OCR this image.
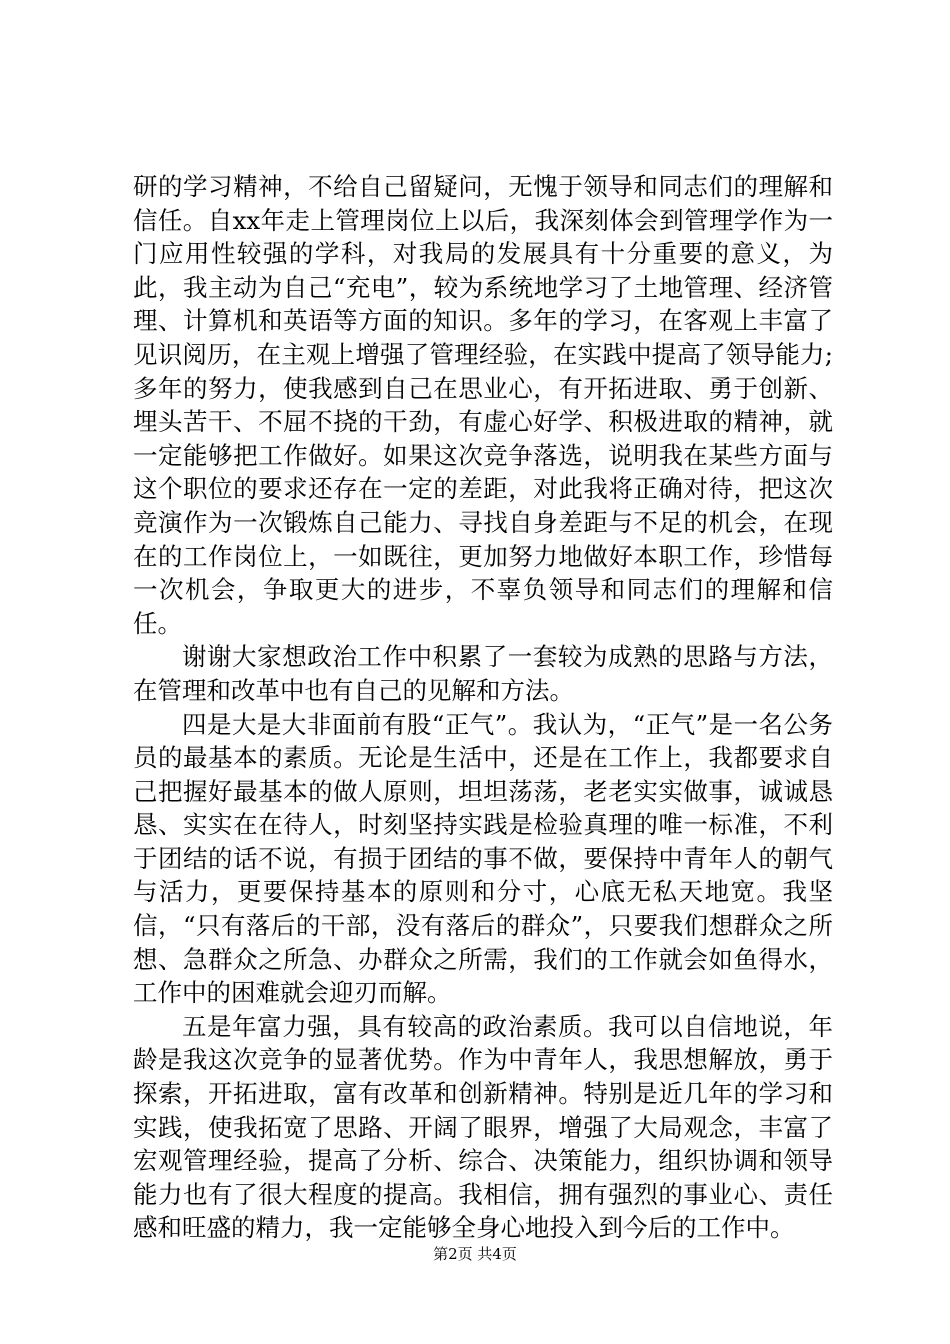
研的学习精神，不给自己留疑问，无愧于领导和同志们的理解和信任。自xx年走上管理岗位上以后，我深刻体会到管理学作为一门应用性较强的学科，对我局的发展具有十分重要的意义，为此，我主动为自己“充电”，较为系统地学习了土地管理、经济管理、计算机和英语等方面的知识。多年的学习，在客观上丰富了见识阅历，在主观上增强了管理经验，在实践中提高了领导能力;多年的努力，使我感到自己在思业心，有开拓进取、勇于创新、埋头苦干、不屈不挠的干劲，有虚心好学、积极进取的精神，就一定能够把工作做好。如果这次竞争落选，说明我在某些方面与这个职位的要求还存在一定的差距，对此我将正确对待，把这次竞演作为一次锻炼自己能力、寻找自身差距与不足的机会，在现在的工作岗位上，一如既往，更加努力地做好本职工作，珍惜每一次机会，争取更大的进步，不辜负领导和同志们的理解和信任。

谢谢大家想政治工作中积累了一套较为成熟的思路与方法，在管理和改革中也有自己的见解和方法。

四是大是大非面前有股“正气”。我认为，“正气”是一名公务员的最基本的素质。无论是生活中，还是在工作上，我都要求自己把握好最基本的做人原则，坦坦荡荡，老老实实做事，诚诚恳恳、实实在在待人，时刻坚持实践是检验真理的唯一标准，不利于团结的话不说，有损于团结的事不做，要保持中青年人的朝气与活力，更要保持基本的原则和分寸，心底无私天地宽。我坚信，“只有落后的干部，没有落后的群众”，只要我们想群众之所想、急群众之所急、办群众之所需，我们的工作就会如鱼得水，工作中的困难就会迎刃而解。

五是年富力强，具有较高的政治素质。我可以自信地说，年龄是我这次竞争的显著优势。作为中青年人，我思想解放，勇于探索，开拓进取，富有改革和创新精神。特别是近几年的学习和实践，使我拓宽了思路、开阔了眼界，增强了大局观念，丰富了宏观管理经验，提高了分析、综合、决策能力，组织协调和领导能力也有了很大程度的提高。我相信，拥有强烈的事业心、责任感和旺盛的精力，我一定能够全身心地投入到今后的工作中。

第2页 共4页
